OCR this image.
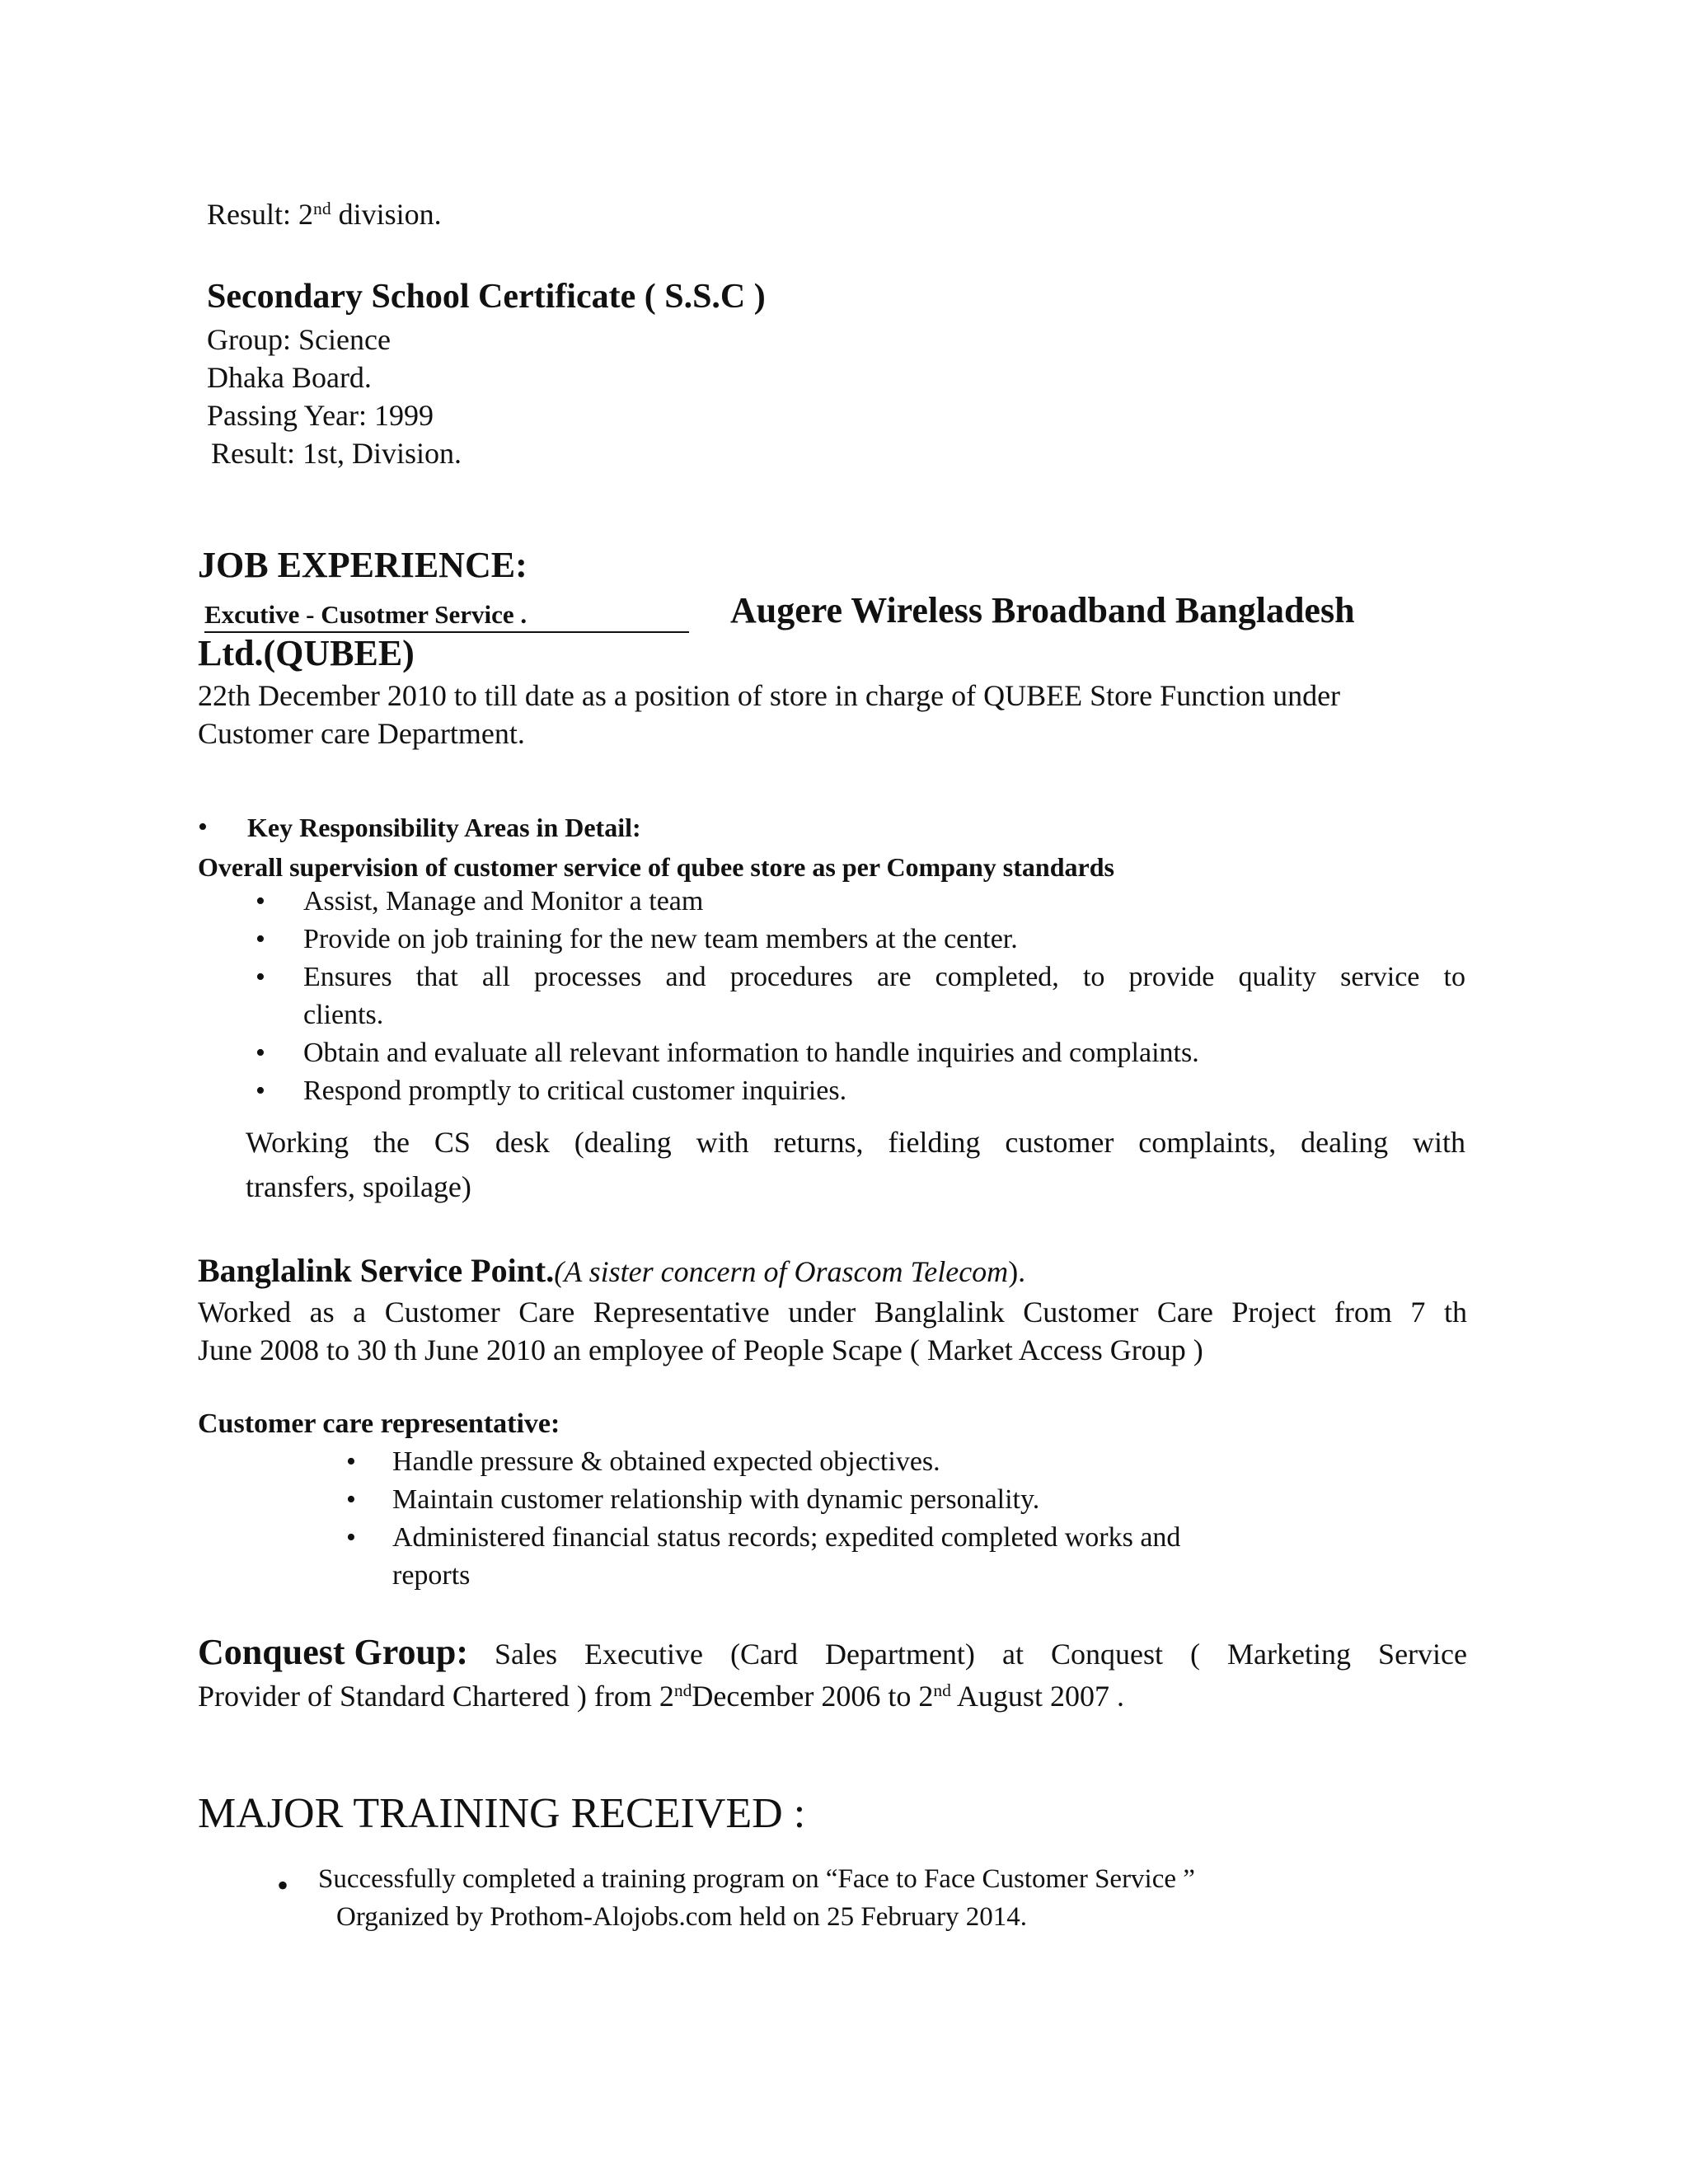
Result: 2nd division.
Secondary School Certificate ( S.S.C )
Group: Science
Dhaka Board.
Passing Year: 1999
Result: 1st, Division.
JOB EXPERIENCE:
Excutive - Cusotmer Service .	Augere Wireless Broadband Bangladesh
Ltd.(QUBEE)
22th December 2010 to till date as a position of store in charge of QUBEE Store Function under
Customer care Department.
• Key Responsibility Areas in Detail:
Overall supervision of customer service of qubee store as per Company standards
• Assist, Manage and Monitor a team
• Provide on job training for the new team members at the center.
• Ensures that all processes and procedures are completed, to provide quality service to
clients.
• Obtain and evaluate all relevant information to handle inquiries and complaints.
• Respond promptly to critical customer inquiries.
Working the CS desk (dealing with returns, fielding customer complaints, dealing with
transfers, spoilage)
Banglalink Service Point.(A sister concern of Orascom Telecom).
Worked as a Customer Care Representative under Banglalink Customer Care Project from 7 th
June 2008 to 30 th June 2010 an employee of People Scape ( Market Access Group )
Customer care representative:
• Handle pressure & obtained expected objectives.
• Maintain customer relationship with dynamic personality.
• Administered financial status records; expedited completed works and
reports
Conquest Group: Sales Executive (Card Department) at Conquest ( Marketing Service
Provider of Standard Chartered ) from 2ndDecember 2006 to 2nd August 2007 .
MAJOR TRAINING RECEIVED :
• Successfully completed a training program on “Face to Face Customer Service ”
Organized by Prothom-Alojobs.com held on 25 February 2014.
